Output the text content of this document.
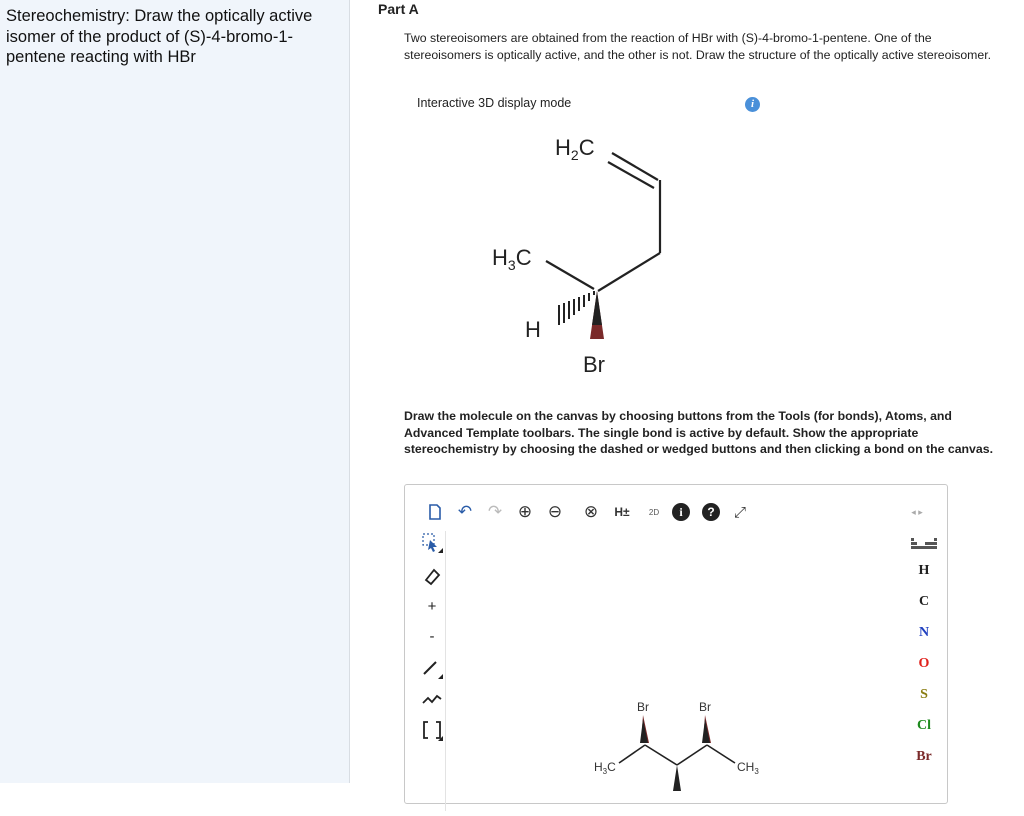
Stereochemistry: Draw the optically active isomer of the product of (S)-4-bromo-1-pentene reacting with HBr
Part A
Two stereoisomers are obtained from the reaction of HBr with (S)-4-bromo-1-pentene. One of the stereoisomers is optically active, and the other is not. Draw the structure of the optically active stereoisomer.
Interactive 3D display mode	i
H2C
H3C
H
Br
Draw the molecule on the canvas by choosing buttons from the Tools (for bonds), Atoms, and Advanced Template toolbars. The single bond is active by default. Show the appropriate stereochemistry by choosing the dashed or wedged buttons and then clicking a bond on the canvas.
↶ ↷ ⊕ ⊖ ⊗	H±	2D	i	?	⤢	◂ ▸
+
-
Br	Br
H3C	CH3
H
C
N
O
S
Cl
Br
